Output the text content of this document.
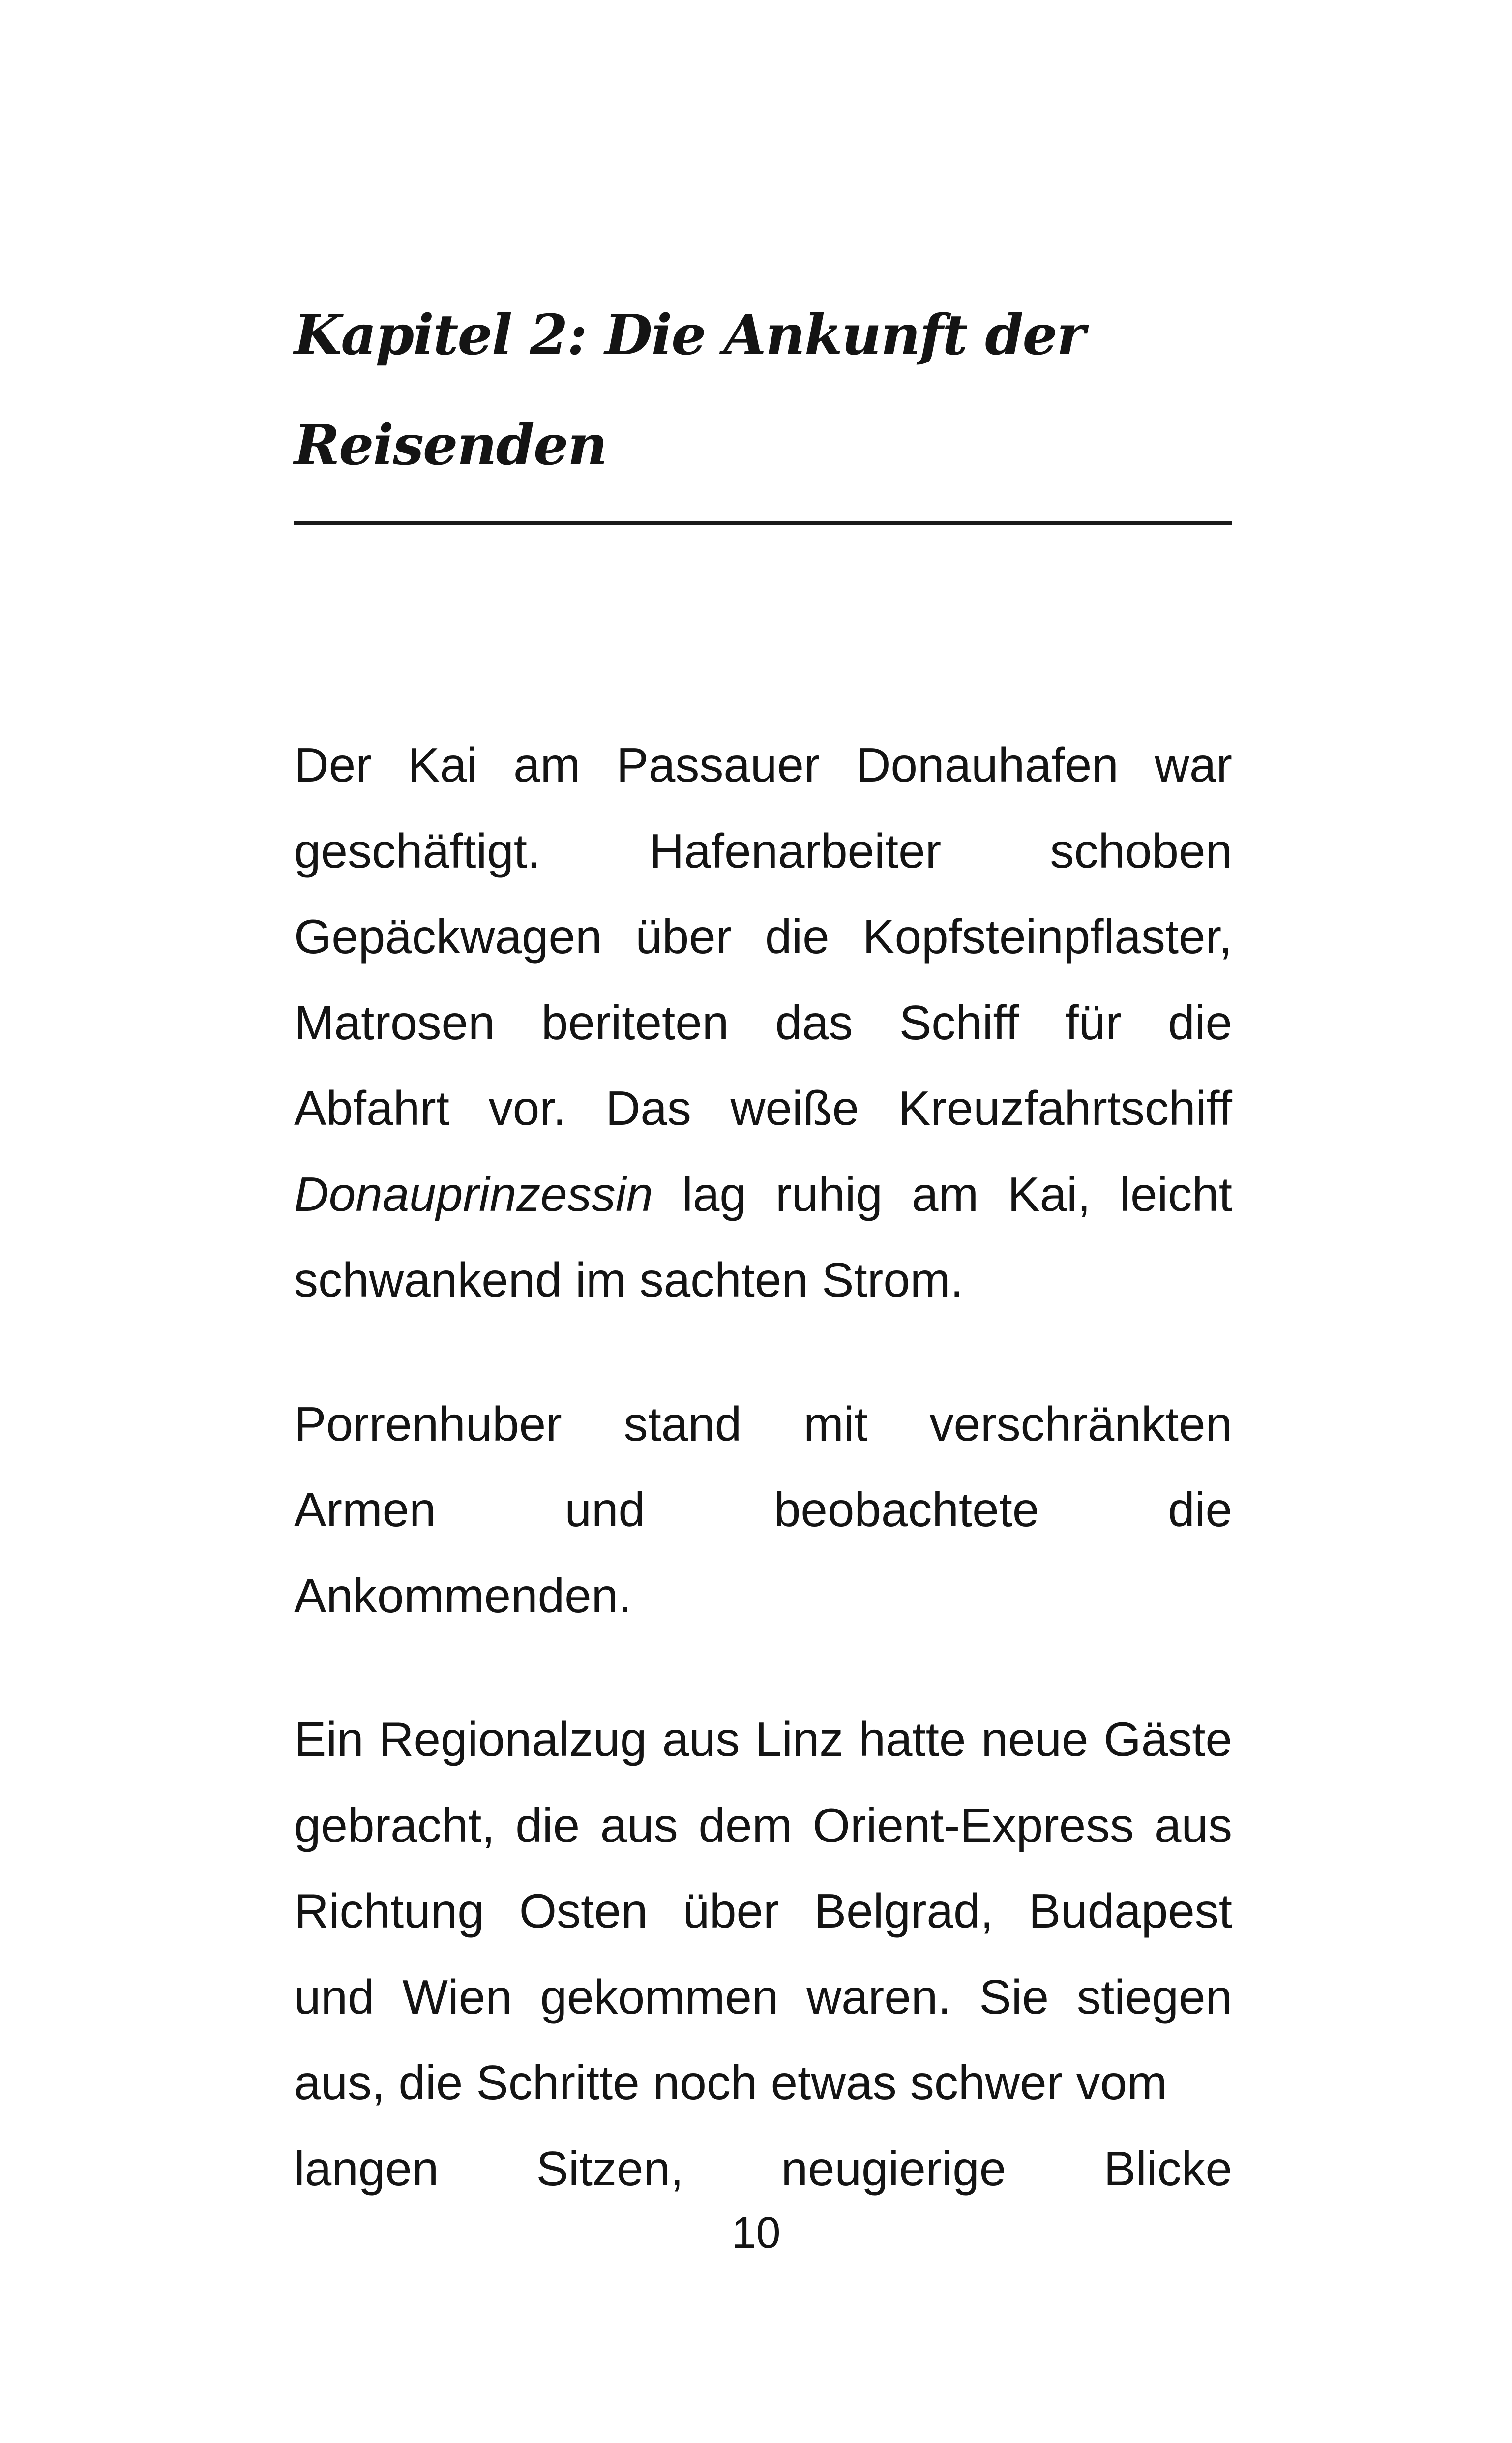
Kapitel 2: Die Ankunft der
Reisenden

Der Kai am Passauer Donauhafen war geschäftigt. Hafenarbeiter schoben Gepäckwagen über die Kopfsteinpflaster, Matrosen beriteten das Schiff für die Abfahrt vor. Das weiße Kreuzfahrtschiff Donauprinzessin lag ruhig am Kai, leicht schwankend im sachten Strom.

Porrenhuber stand mit verschränkten Armen und beobachtete die Ankommenden.

Ein Regionalzug aus Linz hatte neue Gäste gebracht, die aus dem Orient-Express aus Richtung Osten über Belgrad, Budapest und Wien gekommen waren. Sie stiegen aus, die Schritte noch etwas schwer vom
langen Sitzen, neugierige Blicke

10
